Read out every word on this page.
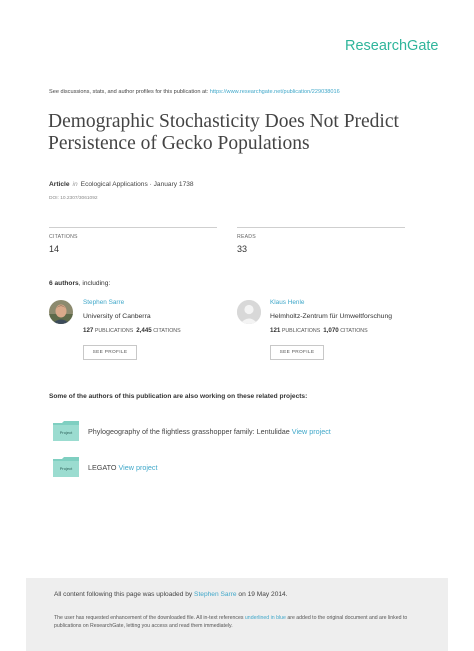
ResearchGate
See discussions, stats, and author profiles for this publication at: https://www.researchgate.net/publication/229038016
Demographic Stochasticity Does Not Predict Persistence of Gecko Populations
Article in Ecological Applications · January 1738
DOI: 10.2307/3061092
CITATIONS
14
READS
33
6 authors, including:
Stephen Sarre
University of Canberra
127 PUBLICATIONS 2,445 CITATIONS
SEE PROFILE
Klaus Henle
Helmholtz-Zentrum für Umweltforschung
121 PUBLICATIONS 1,070 CITATIONS
SEE PROFILE
Some of the authors of this publication are also working on these related projects:
Project	Phylogeography of the flightless grasshopper family: Lentulidae View project
Project	LEGATO View project
All content following this page was uploaded by Stephen Sarre on 19 May 2014.
The user has requested enhancement of the downloaded file. All in-text references underlined in blue are added to the original document and are linked to publications on ResearchGate, letting you access and read them immediately.
